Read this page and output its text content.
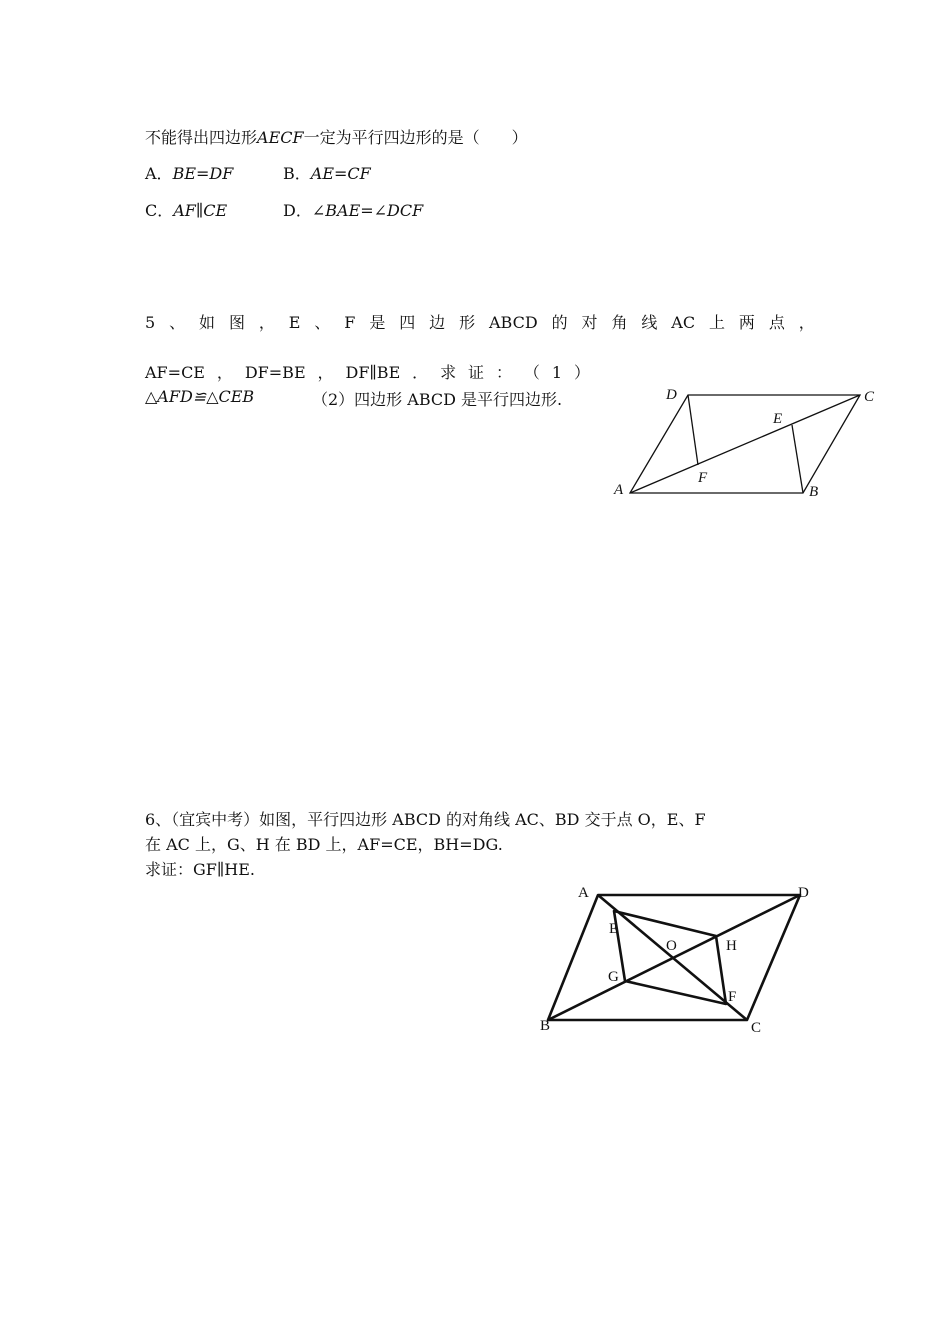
不能得出四边形AECF一定为平行四边形的是（　　）
A．BE=DF	B．AE=CF
C．AF∥CE	D．∠BAE=∠DCF
5 、 如 图 ， E 、 F 是 四 边 形 ABCD 的 对 角 线 AC 上 两 点 ，
AF=CE ， DF=BE ， DF∥BE ． 求 证 ： （ 1 ）
△AFD≌△CEB	（2）四边形 ABCD 是平行四边形.	D	C
E
F
A	B
6、（宜宾中考）如图，平行四边形 ABCD 的对角线 AC、BD 交于点 O，E、F
在 AC 上，G、H 在 BD 上，AF=CE，BH=DG.
求证：GF∥HE.
A	D
E
O	H
G
F
B	C
